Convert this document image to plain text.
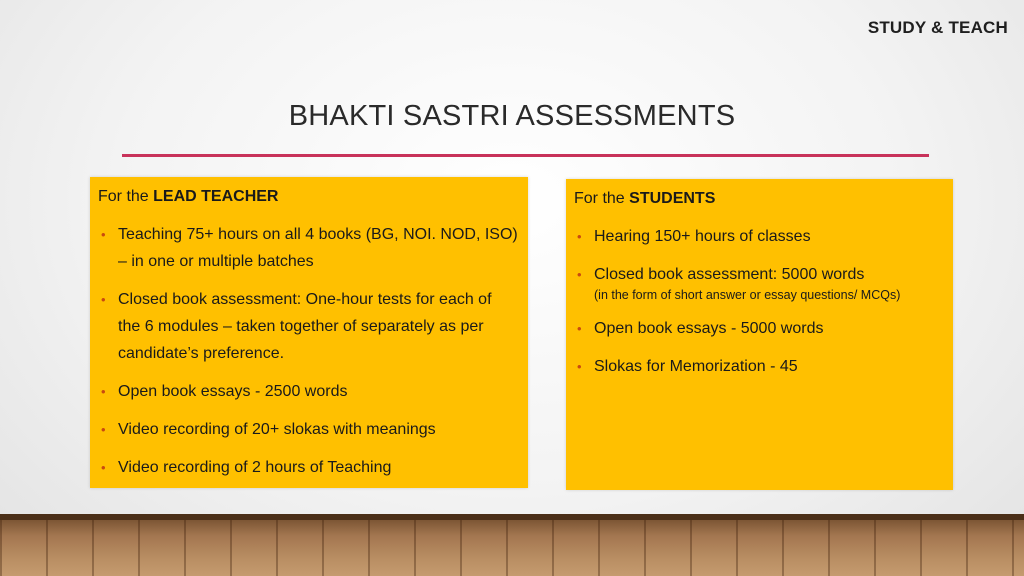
STUDY & TEACH
BHAKTI SASTRI ASSESSMENTS
For the LEAD TEACHER
• Teaching 75+ hours on all 4 books (BG, NOI. NOD, ISO) – in one or multiple batches
• Closed book assessment: One-hour tests for each of the 6 modules – taken together of separately as per candidate’s preference.
• Open book essays - 2500 words
• Video recording of 20+ slokas with meanings
• Video recording of 2 hours of Teaching
For the STUDENTS
• Hearing 150+ hours of classes
• Closed book assessment: 5000 words
(in the form of short answer or essay questions/ MCQs)
• Open book essays - 5000 words
• Slokas for Memorization - 45
